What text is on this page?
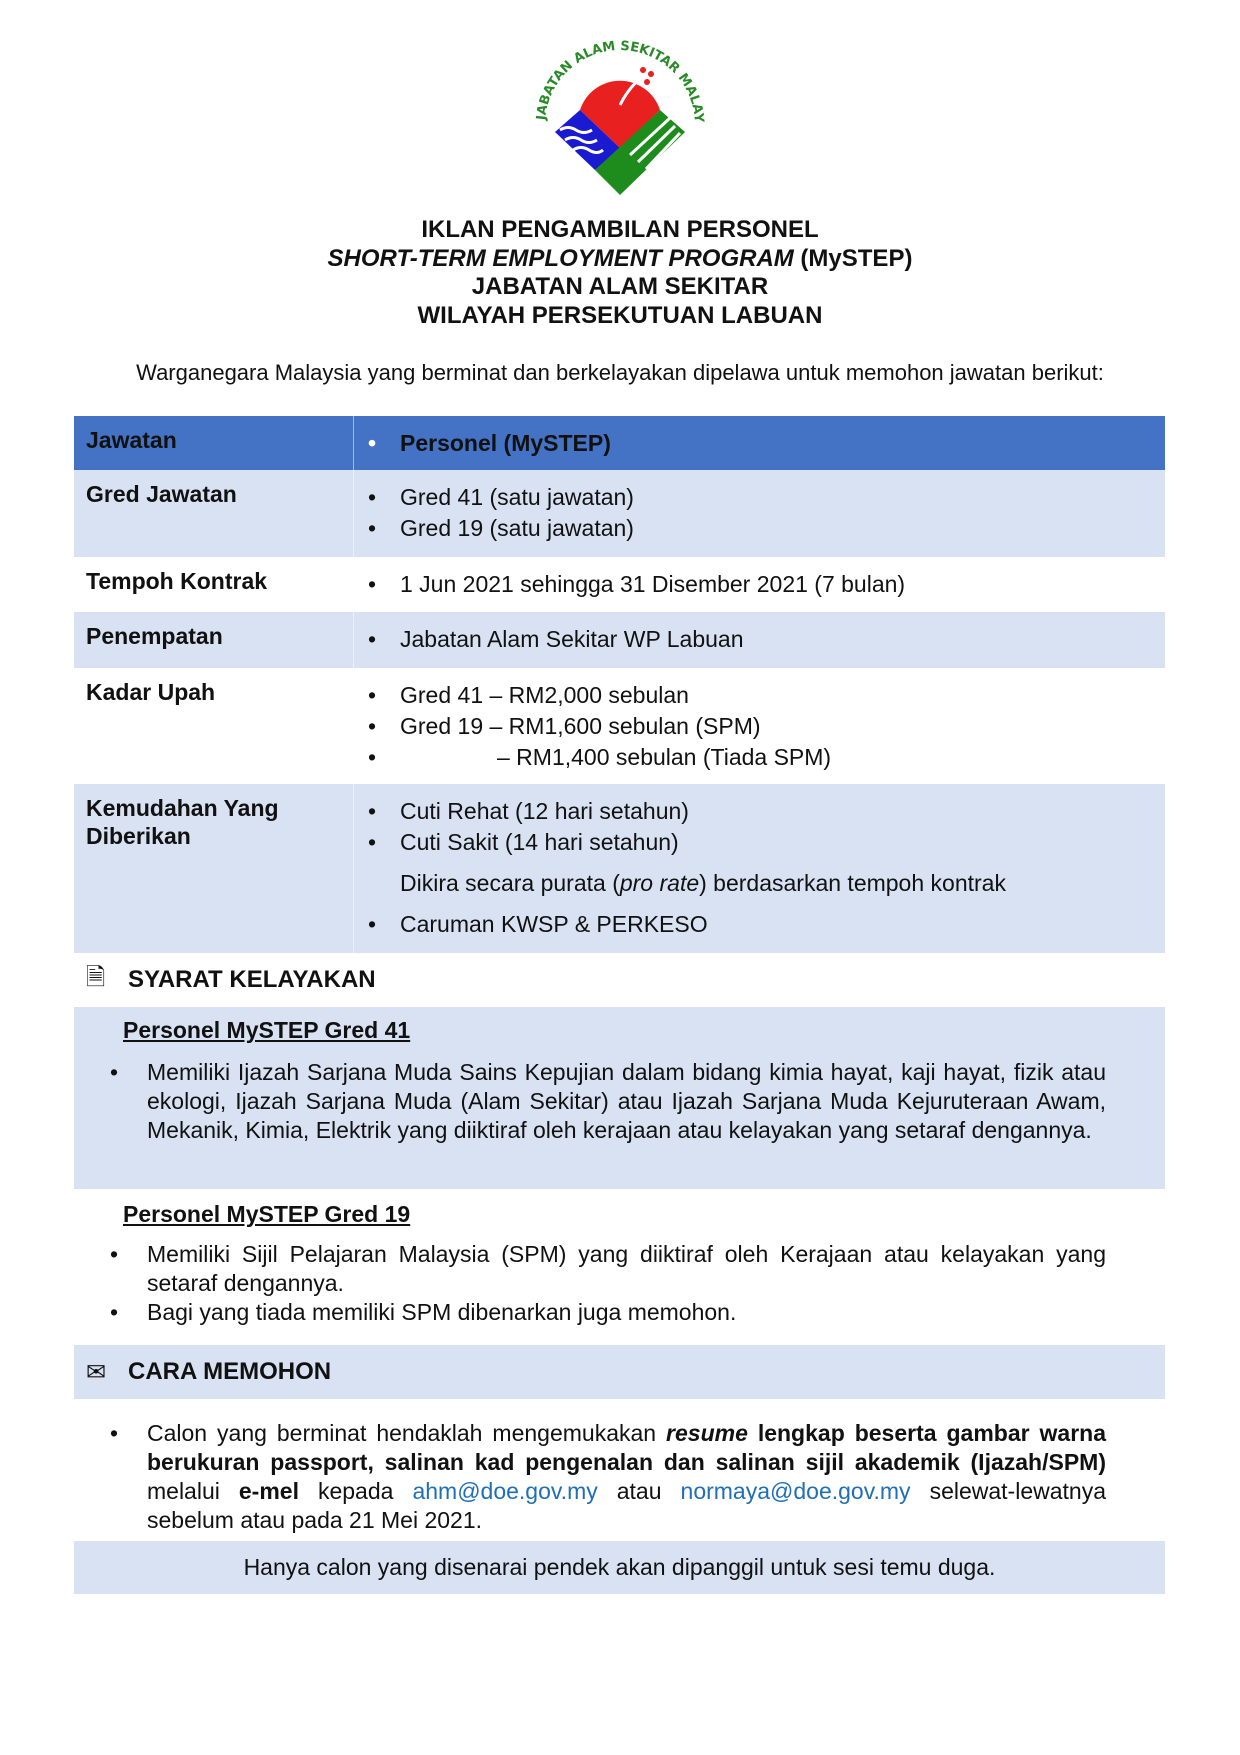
JABATAN ALAM SEKITAR MALAY
IKLAN PENGAMBILAN PERSONEL
SHORT-TERM EMPLOYMENT PROGRAM (MySTEP)
JABATAN ALAM SEKITAR
WILAYAH PERSEKUTUAN LABUAN
Warganegara Malaysia yang berminat dan berkelayakan dipelawa untuk memohon jawatan berikut:
Jawatan	•	Personel (MySTEP)
Gred Jawatan	•	Gred 41 (satu jawatan)
•	Gred 19 (satu jawatan)
Tempoh Kontrak	•	1 Jun 2021 sehingga 31 Disember 2021 (7 bulan)
Penempatan	•	Jabatan Alam Sekitar WP Labuan
Kadar Upah	•	Gred 41 – RM2,000 sebulan
•	Gred 19 – RM1,600 sebulan (SPM)
•	– RM1,400 sebulan (Tiada SPM)
Kemudahan Yang Diberikan
•	Cuti Rehat (12 hari setahun)
•	Cuti Sakit (14 hari setahun)
Dikira secara purata (pro rate) berdasarkan tempoh kontrak
•	Caruman KWSP & PERKESO
🗎 SYARAT KELAYAKAN
Personel MySTEP Gred 41
•	Memiliki Ijazah Sarjana Muda Sains Kepujian dalam bidang kimia hayat, kaji hayat, fizik atau ekologi, Ijazah Sarjana Muda (Alam Sekitar) atau Ijazah Sarjana Muda Kejuruteraan Awam, Mekanik, Kimia, Elektrik yang diiktiraf oleh kerajaan atau kelayakan yang setaraf dengannya.
Personel MySTEP Gred 19
•	Memiliki Sijil Pelajaran Malaysia (SPM) yang diiktiraf oleh Kerajaan atau kelayakan yang setaraf dengannya.
•	Bagi yang tiada memiliki SPM dibenarkan juga memohon.
✉ CARA MEMOHON
•	Calon yang berminat hendaklah mengemukakan resume lengkap beserta gambar warna berukuran passport, salinan kad pengenalan dan salinan sijil akademik (Ijazah/SPM) melalui e-mel kepada ahm@doe.gov.my atau normaya@doe.gov.my selewat-lewatnya sebelum atau pada 21 Mei 2021.
Hanya calon yang disenarai pendek akan dipanggil untuk sesi temu duga.
